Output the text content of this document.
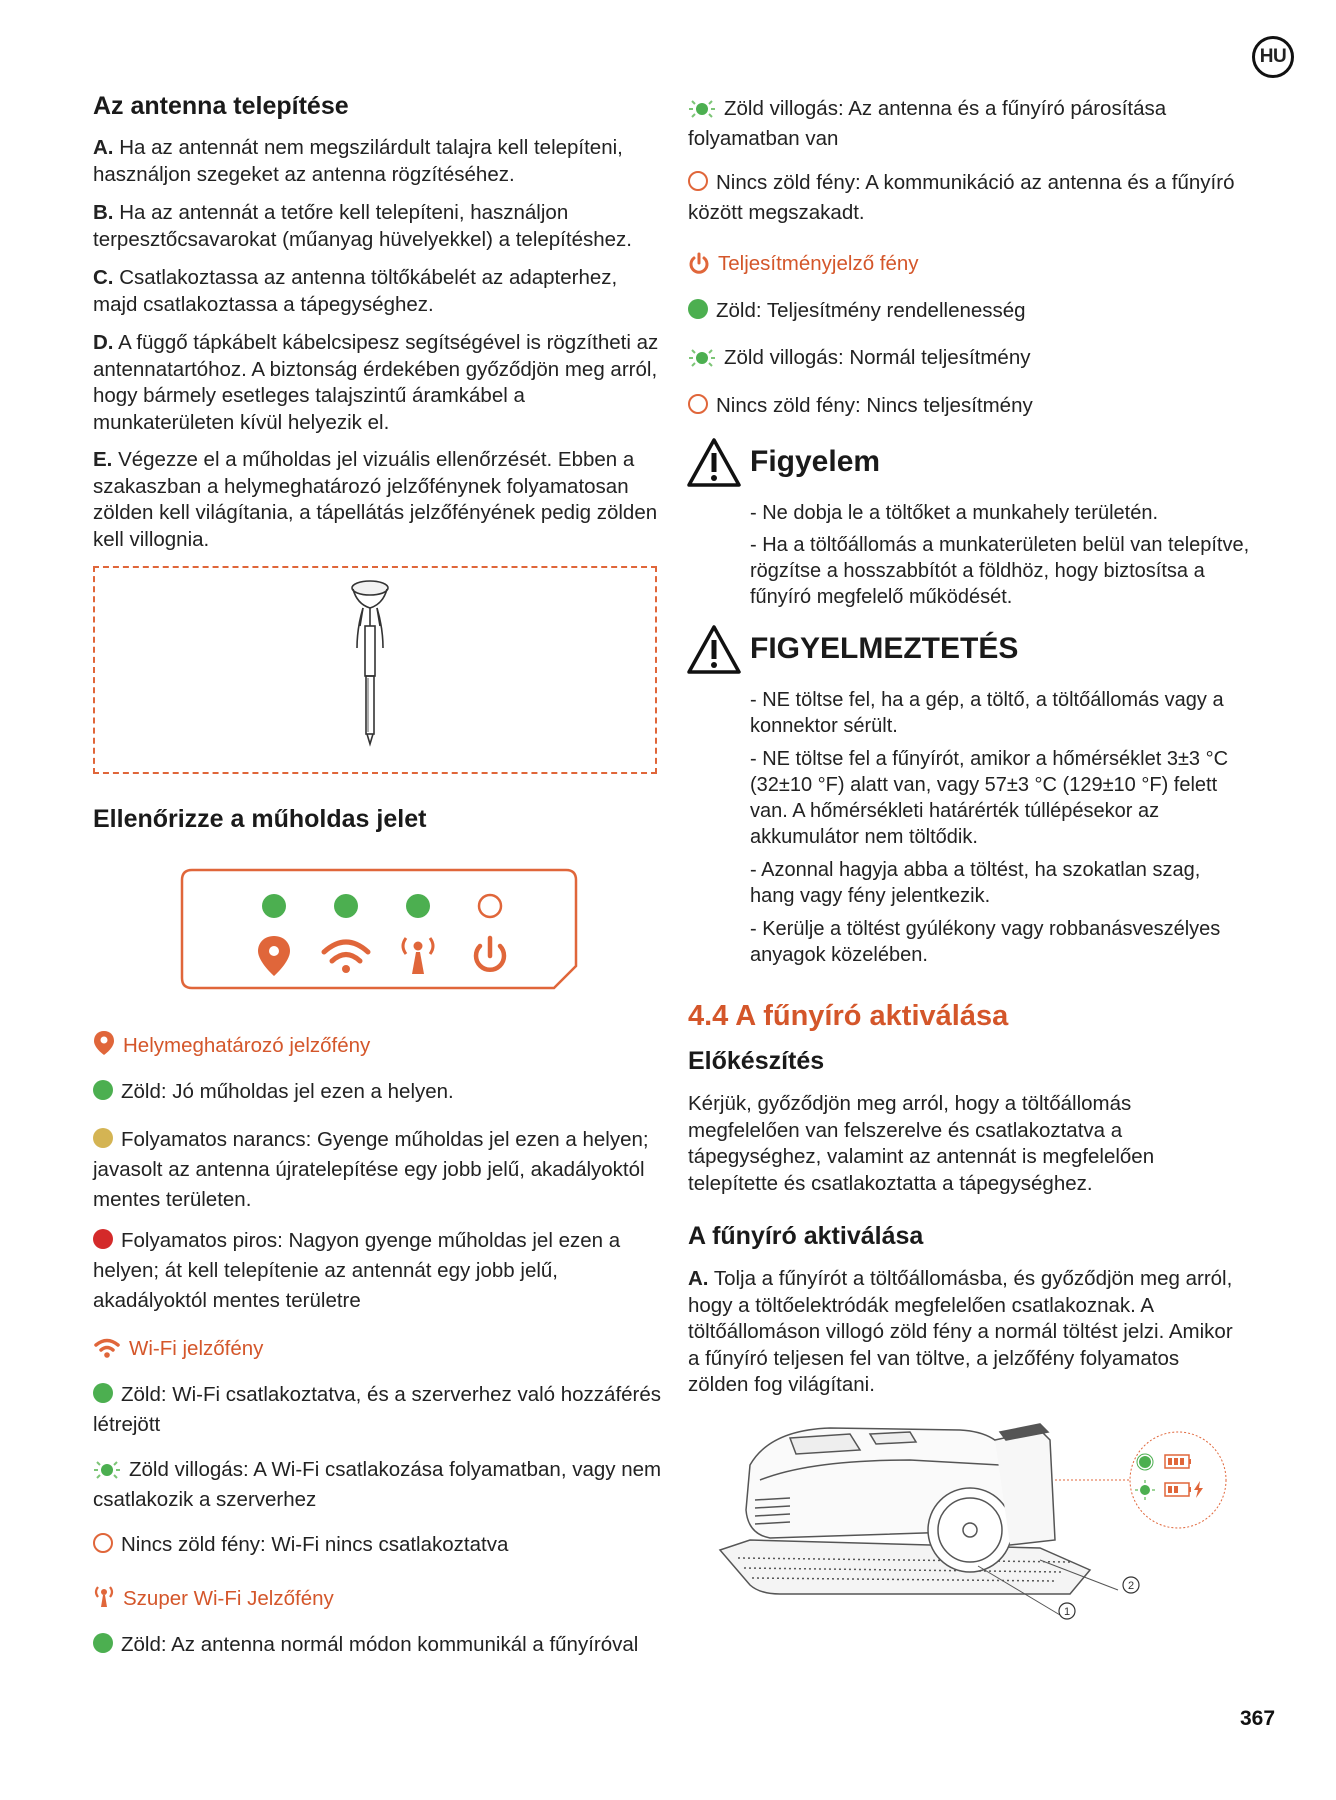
HU
Az antenna telepítése
A. Ha az antennát nem megszilárdult talajra kell telepíteni, használjon szegeket az antenna rögzítéséhez.
B. Ha az antennát a tetőre kell telepíteni, használjon terpesztőcsavarokat (műanyag hüvelyekkel) a telepítéshez.
C. Csatlakoztassa az antenna töltőkábelét az adapterhez, majd csatlakoztassa a tápegységhez.
D. A függő tápkábelt kábelcsipesz segítségével is rögzítheti az antennatartóhoz. A biztonság érdekében győződjön meg arról, hogy bármely esetleges talajszintű áramkábel a munkaterületen kívül helyezik el.
E. Végezze el a műholdas jel vizuális ellenőrzését. Ebben a szakaszban a helymeghatározó jelzőfénynek folyamatosan zölden kell világítania, a tápellátás jelzőfényének pedig zölden kell villognia.
Ellenőrizze a műholdas jelet
Helymeghatározó jelzőfény
Zöld: Jó műholdas jel ezen a helyen.
Folyamatos narancs: Gyenge műholdas jel ezen a helyen; javasolt az antenna újratelepítése egy jobb jelű, akadályoktól mentes területen.
Folyamatos piros: Nagyon gyenge műholdas jel ezen a helyen; át kell telepítenie az antennát egy jobb jelű, akadályoktól mentes területre
Wi-Fi jelzőfény
Zöld: Wi-Fi csatlakoztatva, és a szerverhez való hozzáférés létrejött
Zöld villogás: A Wi-Fi csatlakozása folyamatban, vagy nem csatlakozik a szerverhez
Nincs zöld fény: Wi-Fi nincs csatlakoztatva
Szuper Wi-Fi Jelzőfény
Zöld: Az antenna normál módon kommunikál a fűnyíróval
Zöld villogás: Az antenna és a fűnyíró párosítása folyamatban van
Nincs zöld fény: A kommunikáció az antenna és a fűnyíró között megszakadt.
Teljesítményjelző fény
Zöld: Teljesítmény rendellenesség
Zöld villogás: Normál teljesítmény
Nincs zöld fény: Nincs teljesítmény
Figyelem
- Ne dobja le a töltőket a munkahely területén.
- Ha a töltőállomás a munkaterületen belül van telepítve, rögzítse a hosszabbítót a földhöz, hogy biztosítsa a fűnyíró megfelelő működését.
FIGYELMEZTETÉS
- NE töltse fel, ha a gép, a töltő, a töltőállomás vagy a konnektor sérült.
- NE töltse fel a fűnyírót, amikor a hőmérséklet 3±3 °C (32±10 °F) alatt van, vagy 57±3 °C (129±10 °F) felett van. A hőmérsékleti határérték túllépésekor az akkumulátor nem töltődik.
- Azonnal hagyja abba a töltést, ha szokatlan szag, hang vagy fény jelentkezik.
- Kerülje a töltést gyúlékony vagy robbanásveszélyes anyagok közelében.
4.4 A fűnyíró aktiválása
Előkészítés
Kérjük, győződjön meg arról, hogy a töltőállomás megfelelően van felszerelve és csatlakoztatva a tápegységhez, valamint az antennát is megfelelően telepítette és csatlakoztatta a tápegységhez.
A fűnyíró aktiválása
A. Tolja a fűnyírót a töltőállomásba, és győződjön meg arról, hogy a töltőelektródák megfelelően csatlakoznak. A töltőállomáson villogó zöld fény a normál töltést jelzi. Amikor a fűnyíró teljesen fel van töltve, a jelzőfény folyamatos zölden fog világítani.
1
2
367
